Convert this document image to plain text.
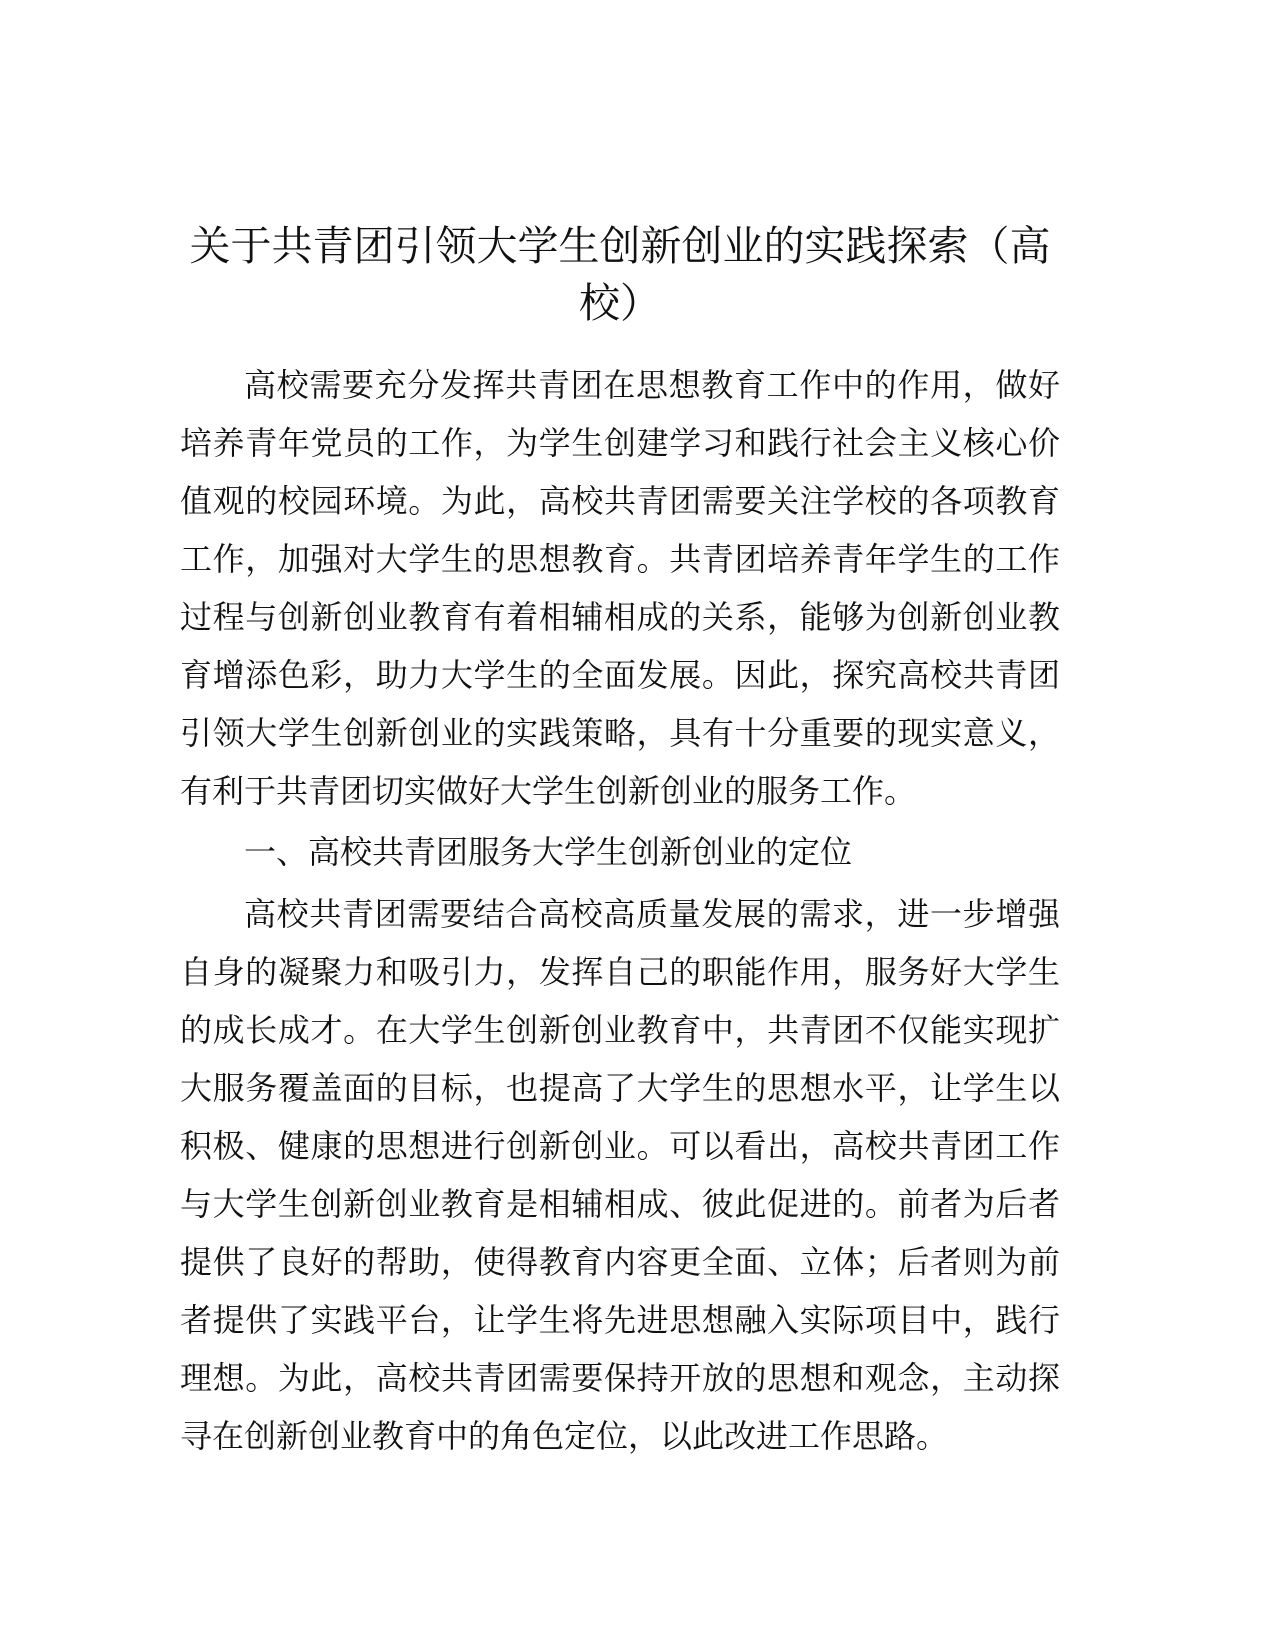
关于共青团引领大学生创新创业的实践探索（高校）

高校需要充分发挥共青团在思想教育工作中的作用，做好培养青年党员的工作，为学生创建学习和践行社会主义核心价值观的校园环境。为此，高校共青团需要关注学校的各项教育工作，加强对大学生的思想教育。共青团培养青年学生的工作过程与创新创业教育有着相辅相成的关系，能够为创新创业教育增添色彩，助力大学生的全面发展。因此，探究高校共青团引领大学生创新创业的实践策略，具有十分重要的现实意义，有利于共青团切实做好大学生创新创业的服务工作。

一、高校共青团服务大学生创新创业的定位

高校共青团需要结合高校高质量发展的需求，进一步增强自身的凝聚力和吸引力，发挥自己的职能作用，服务好大学生的成长成才。在大学生创新创业教育中，共青团不仅能实现扩大服务覆盖面的目标，也提高了大学生的思想水平，让学生以积极、健康的思想进行创新创业。可以看出，高校共青团工作与大学生创新创业教育是相辅相成、彼此促进的。前者为后者提供了良好的帮助，使得教育内容更全面、立体；后者则为前者提供了实践平台，让学生将先进思想融入实际项目中，践行理想。为此，高校共青团需要保持开放的思想和观念，主动探寻在创新创业教育中的角色定位，以此改进工作思路。
